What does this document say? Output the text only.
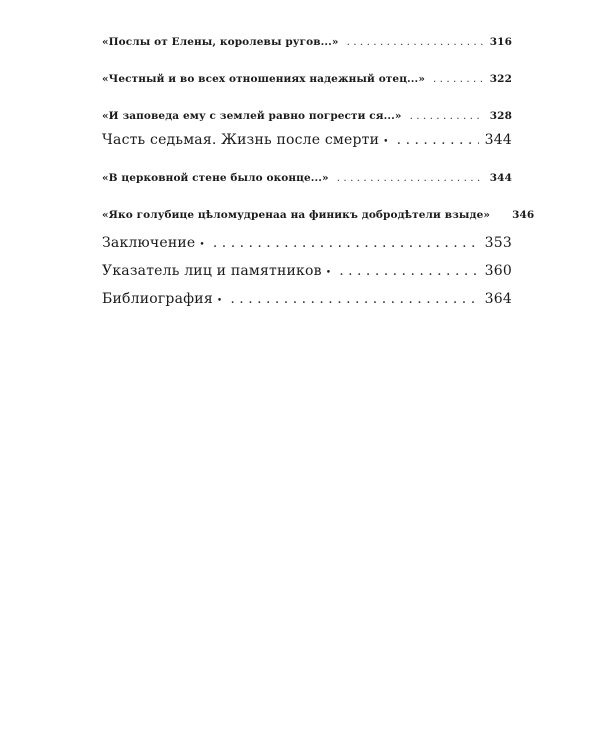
«Послы от Елены, королевы ругов...» . . .	316
«Честный и во всех отношениях надежный отец...» . . .	322
«И заповеда ему с землей равно погрести ся...» . . .	328
Часть седьмая. Жизнь после смерти • . . .	344
«В церковной стене было оконце...» . . .	344
«Яко голубице цѣломудренаа на финикъ добродѣтели взыде» 346
Заключение • . . .	353
Указатель лиц и памятников • . . .	360
Библиография • . . .	364
